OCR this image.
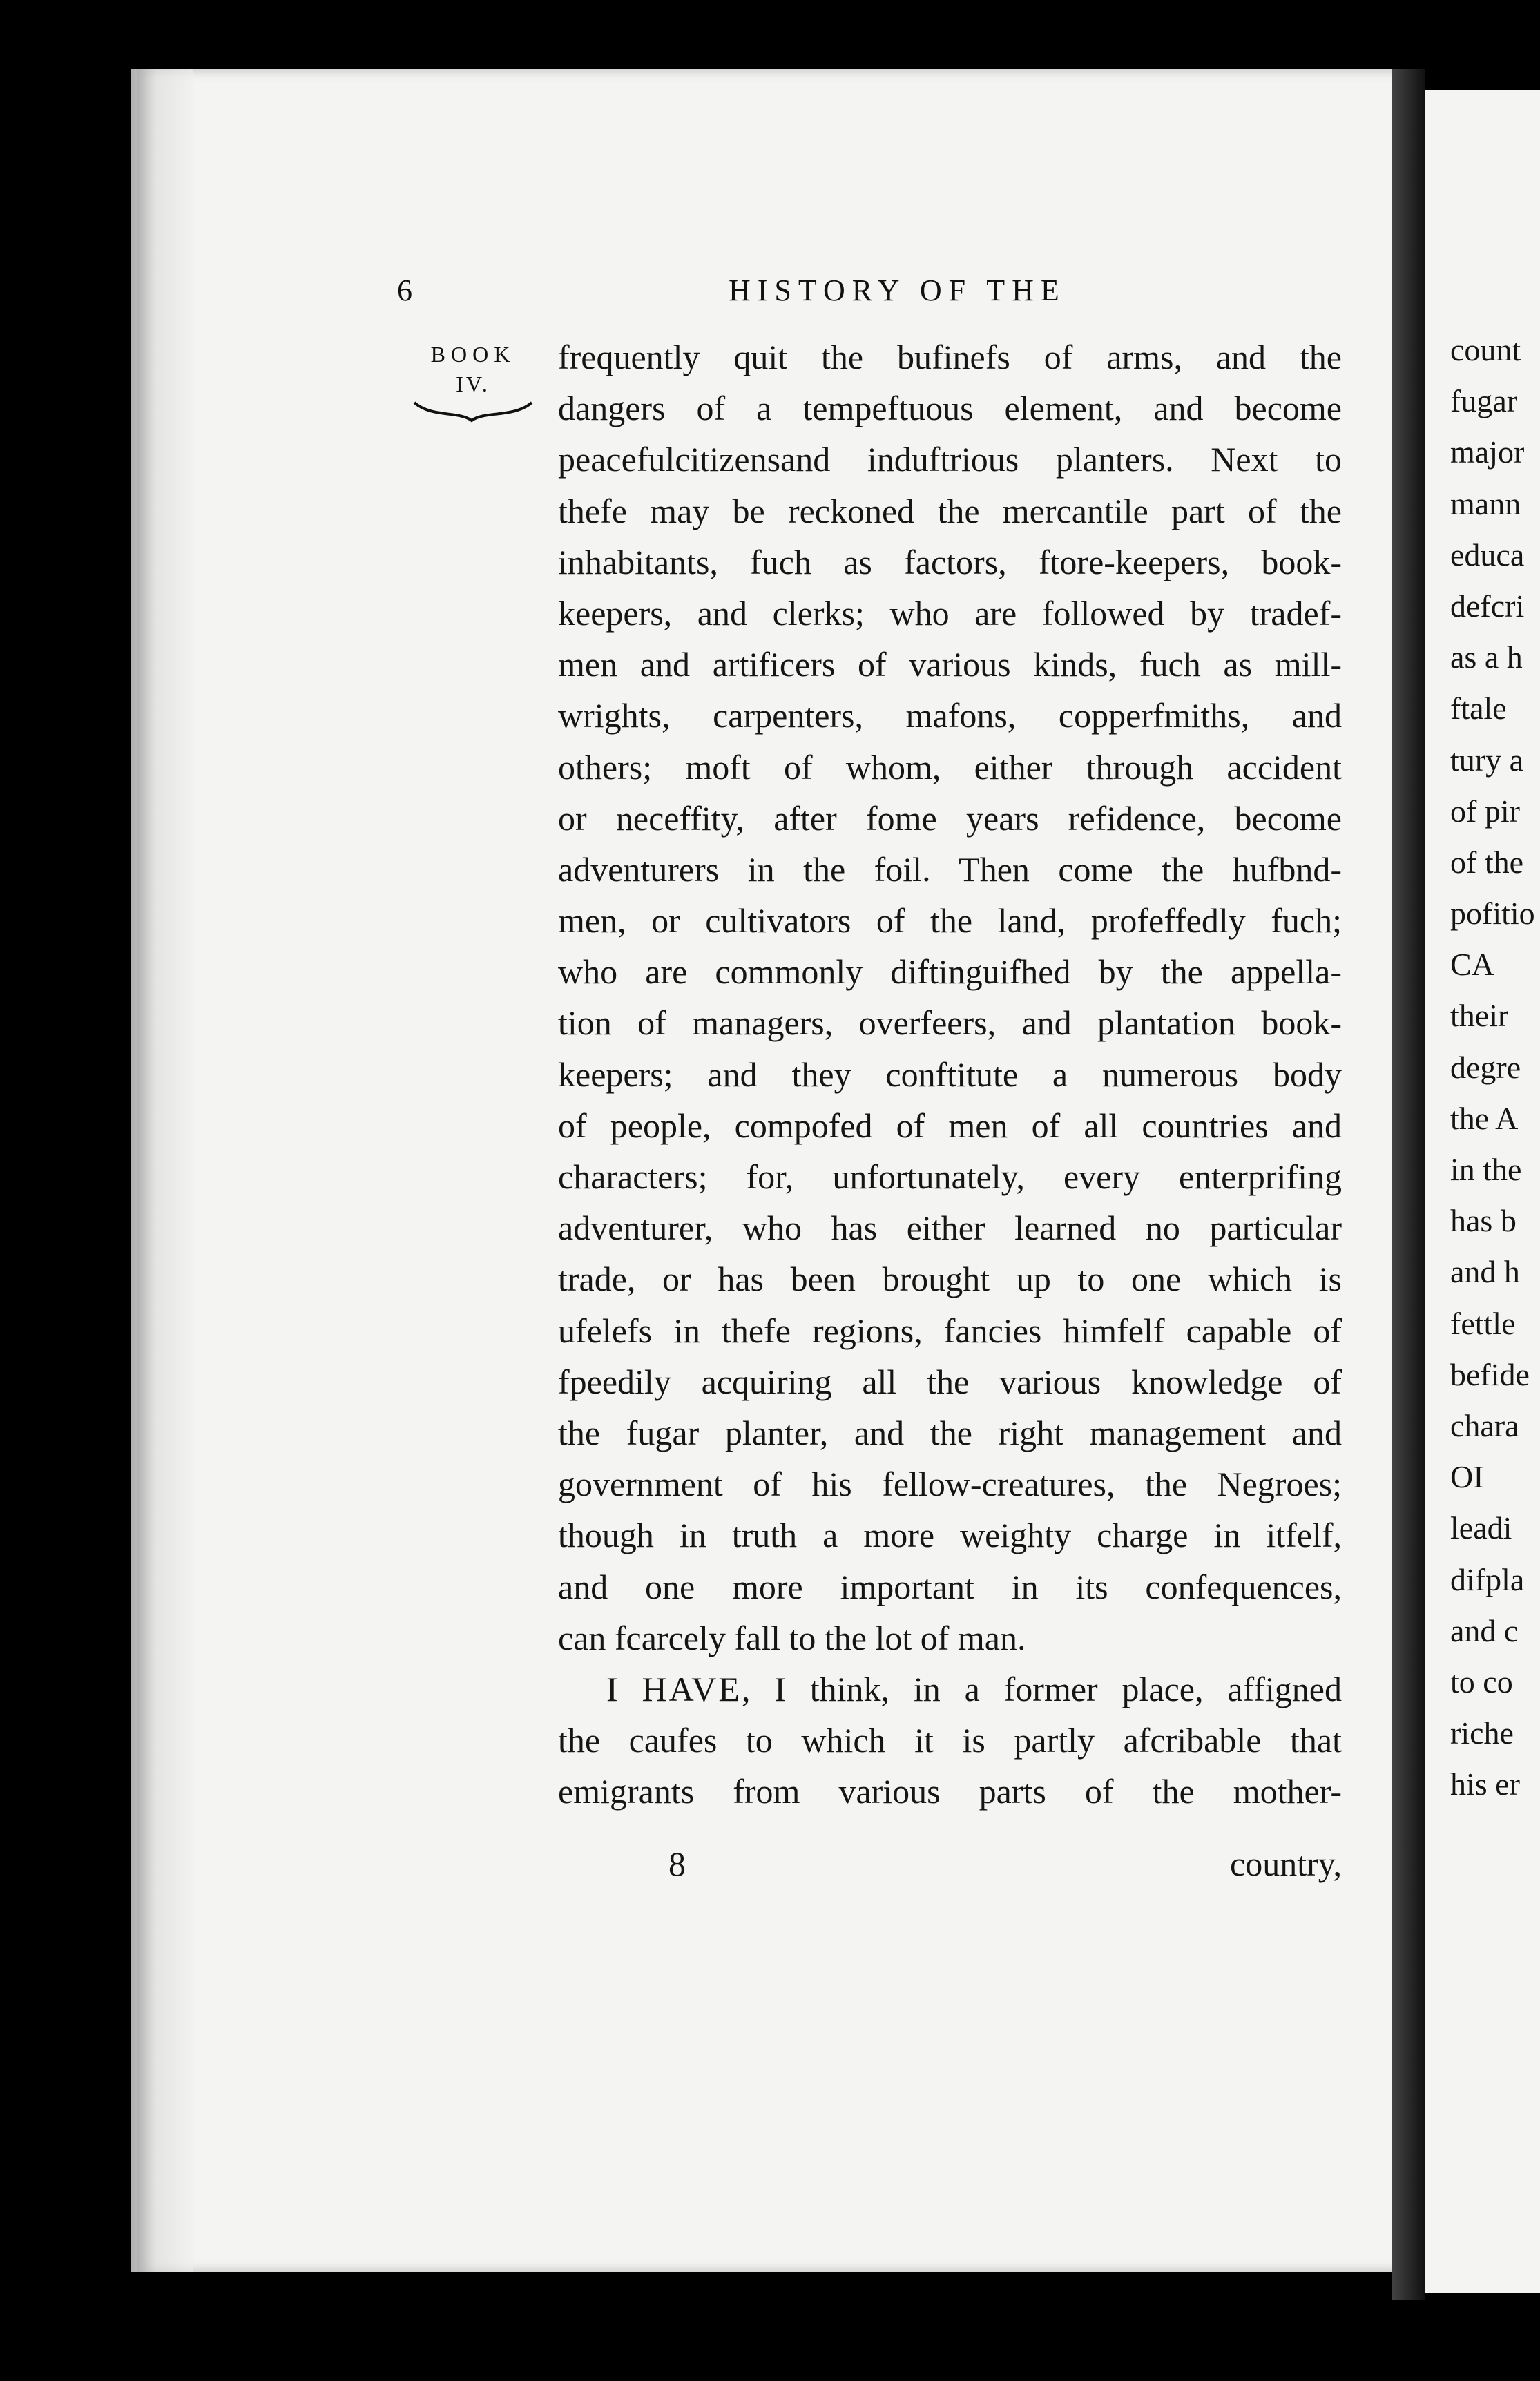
6	HISTORY OF THE
BOOK
IV.
frequently quit the bufinefs of arms, and the
dangers of a tempeftuous element, and become
peacefulcitizensand induftrious planters. Next to
thefe may be reckoned the mercantile part of the
inhabitants, fuch as factors, ftore-keepers, book-
keepers, and clerks; who are followed by tradef-
men and artificers of various kinds, fuch as mill-
wrights, carpenters, mafons, copperfmiths, and
others; moft of whom, either through accident
or neceffity, after fome years refidence, become
adventurers in the foil. Then come the hufbnd-
men, or cultivators of the land, profeffedly fuch;
who are commonly diftinguifhed by the appella-
tion of managers, overfeers, and plantation book-
keepers; and they conftitute a numerous body
of people, compofed of men of all countries and
characters; for, unfortunately, every enterprifing
adventurer, who has either learned no particular
trade, or has been brought up to one which is
ufelefs in thefe regions, fancies himfelf capable of
fpeedily acquiring all the various knowledge of
the fugar planter, and the right management and
government of his fellow-creatures, the Negroes;
though in truth a more weighty charge in itfelf,
and one more important in its confequences,
can fcarcely fall to the lot of man.
I HAVE, I think, in a former place, affigned
the caufes to which it is partly afcribable that
emigrants from various parts of the mother-
8	country,
count
fugar
major
mann
educa
defcri
as a h
ftale
tury a
of pir
of the
pofitio
CA
their
degre
the A
in the
has b
and h
fettle
befide
chara
OI
leadi
difpla
and c
to co
riche
his er
